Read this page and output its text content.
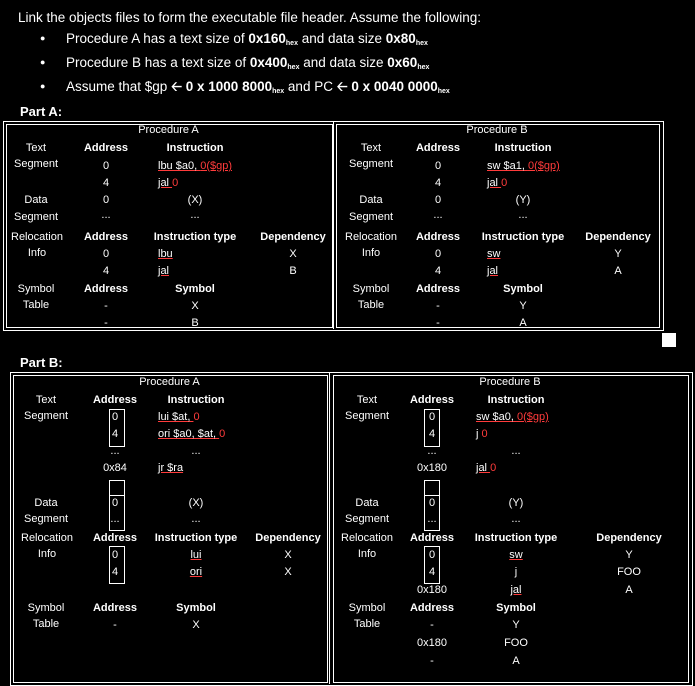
Link the objects files to form the executable file header. Assume the following:
● Procedure A has a text size of $0x160_{hex}$ and data size $0x80_{hex}$
● Procedure B has a text size of $0x400_{hex}$ and data size $0x60_{hex}$
● Assume that $gp 🡠 0 x 1000 $8000_{hex}$ and PC 🡠 0 x 0040 $0000_{hex}$
Part A:
Procedure A
Text
Segment
Address	Instruction
0	lbu $a0, 0($gp)
4	jal 0
Data
Segment
0	(X)
...	...
Relocation
Info
Address	Instruction type	Dependency
0	lbu	X
4	jal	B
Symbol
Table
Address	Symbol
-	X
-	B
Procedure B
Text
Segment
Address	Instruction
0	sw $a1, 0($gp)
4	jal 0
Data
Segment
0	(Y)
...	...
Relocation
Info
Address	Instruction type	Dependency
0	sw	Y
4	jal	A
Symbol
Table
Address	Symbol
-	Y
-	A
Part B:
Procedure A
Text
Segment
Address	Instruction
0	lui $at, 0
4	ori $a0, $at, 0
...	...
0x84	jr $ra
Data
Segment
0	(X)
...	...
Relocation
Info
Address	Instruction type	Dependency
0	lui	X
4	ori	X
Symbol
Table
Address	Symbol
-	X
Procedure B
Text
Segment
Address	Instruction
0	sw $a0, 0($gp)
4	j 0
...	...
0x180	jal 0
Data
Segment
0	(Y)
...	...
Relocation
Info
Address	Instruction type	Dependency
0	sw	Y
4	j	FOO
0x180	jal	A
Symbol
Table
Address	Symbol
-	Y
0x180	FOO
-	A
